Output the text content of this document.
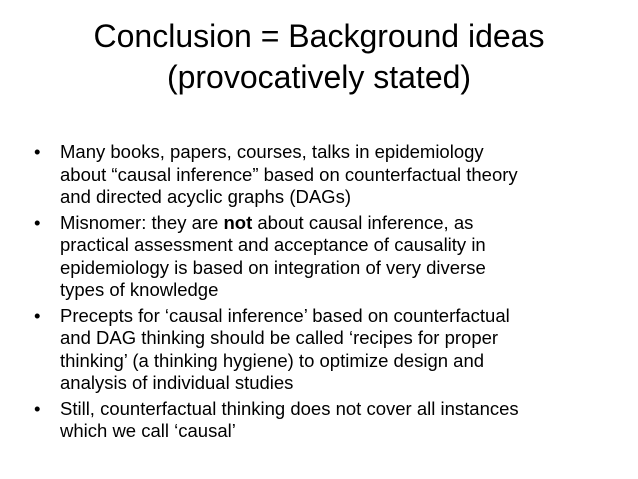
Conclusion = Background ideas
(provocatively stated)
• Many books, papers, courses, talks in epidemiology
about “causal inference” based on counterfactual theory
and directed acyclic graphs (DAGs)
• Misnomer: they are not about causal inference, as
practical assessment and acceptance of causality in
epidemiology is based on integration of very diverse
types of knowledge
• Precepts for ‘causal inference’ based on counterfactual
and DAG thinking should be called ‘recipes for proper
thinking’ (a thinking hygiene) to optimize design and
analysis of individual studies
• Still, counterfactual thinking does not cover all instances
which we call ‘causal’
